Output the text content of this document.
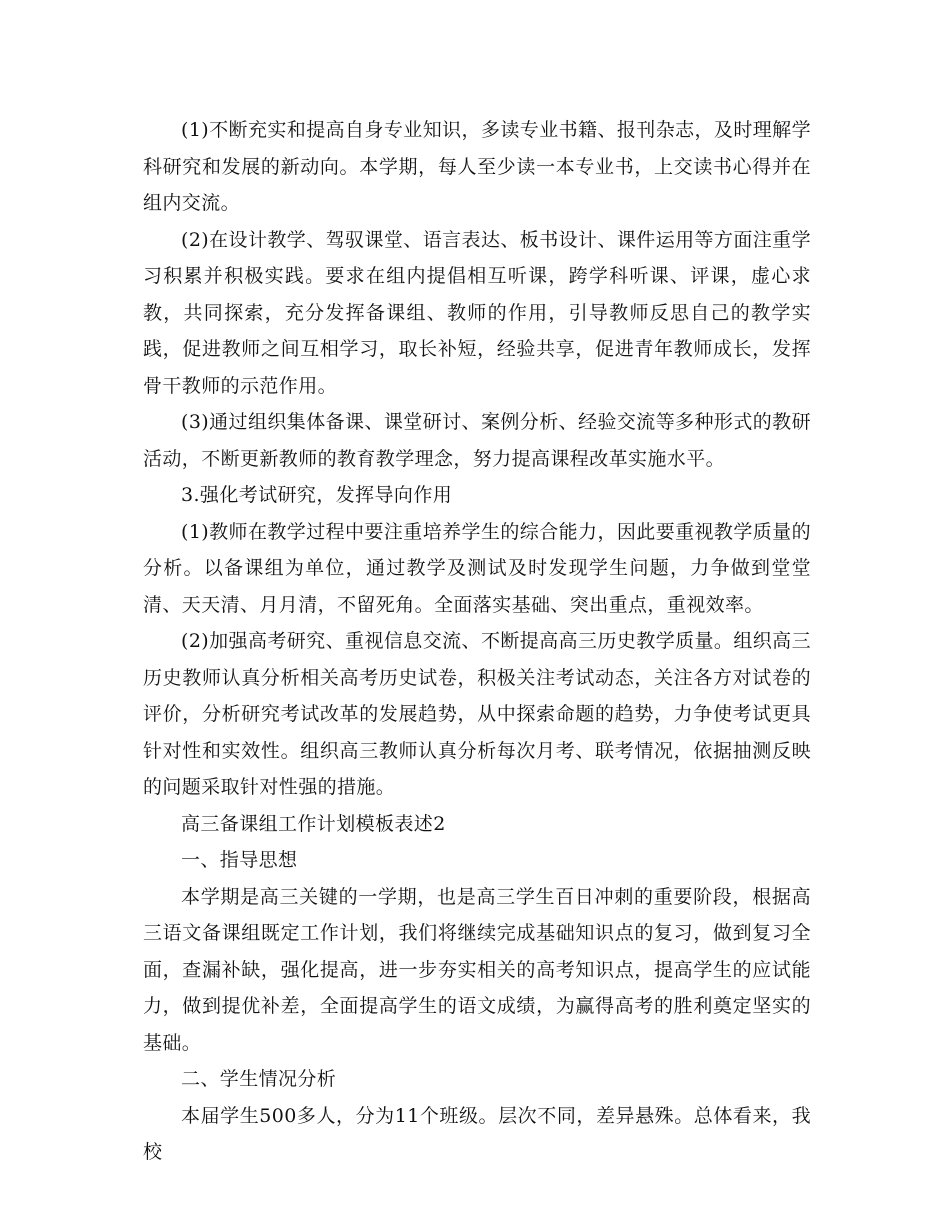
(1)不断充实和提高自身专业知识，多读专业书籍、报刊杂志，及时理解学科研究和发展的新动向。本学期，每人至少读一本专业书，上交读书心得并在组内交流。

(2)在设计教学、驾驭课堂、语言表达、板书设计、课件运用等方面注重学习积累并积极实践。要求在组内提倡相互听课，跨学科听课、评课，虚心求教，共同探索，充分发挥备课组、教师的作用，引导教师反思自己的教学实践，促进教师之间互相学习，取长补短，经验共享，促进青年教师成长，发挥骨干教师的示范作用。

(3)通过组织集体备课、课堂研讨、案例分析、经验交流等多种形式的教研活动，不断更新教师的教育教学理念，努力提高课程改革实施水平。

3.强化考试研究，发挥导向作用

(1)教师在教学过程中要注重培养学生的综合能力，因此要重视教学质量的分析。以备课组为单位，通过教学及测试及时发现学生问题，力争做到堂堂清、天天清、月月清，不留死角。全面落实基础、突出重点，重视效率。

(2)加强高考研究、重视信息交流、不断提高高三历史教学质量。组织高三历史教师认真分析相关高考历史试卷，积极关注考试动态，关注各方对试卷的评价，分析研究考试改革的发展趋势，从中探索命题的趋势，力争使考试更具针对性和实效性。组织高三教师认真分析每次月考、联考情况，依据抽测反映的问题采取针对性强的措施。

高三备课组工作计划模板表述2

一、指导思想

本学期是高三关键的一学期，也是高三学生百日冲刺的重要阶段，根据高三语文备课组既定工作计划，我们将继续完成基础知识点的复习，做到复习全面，查漏补缺，强化提高，进一步夯实相关的高考知识点，提高学生的应试能力，做到提优补差，全面提高学生的语文成绩，为赢得高考的胜利奠定坚实的基础。

二、学生情况分析

本届学生500多人，分为11个班级。层次不同，差异悬殊。总体看来，我校
